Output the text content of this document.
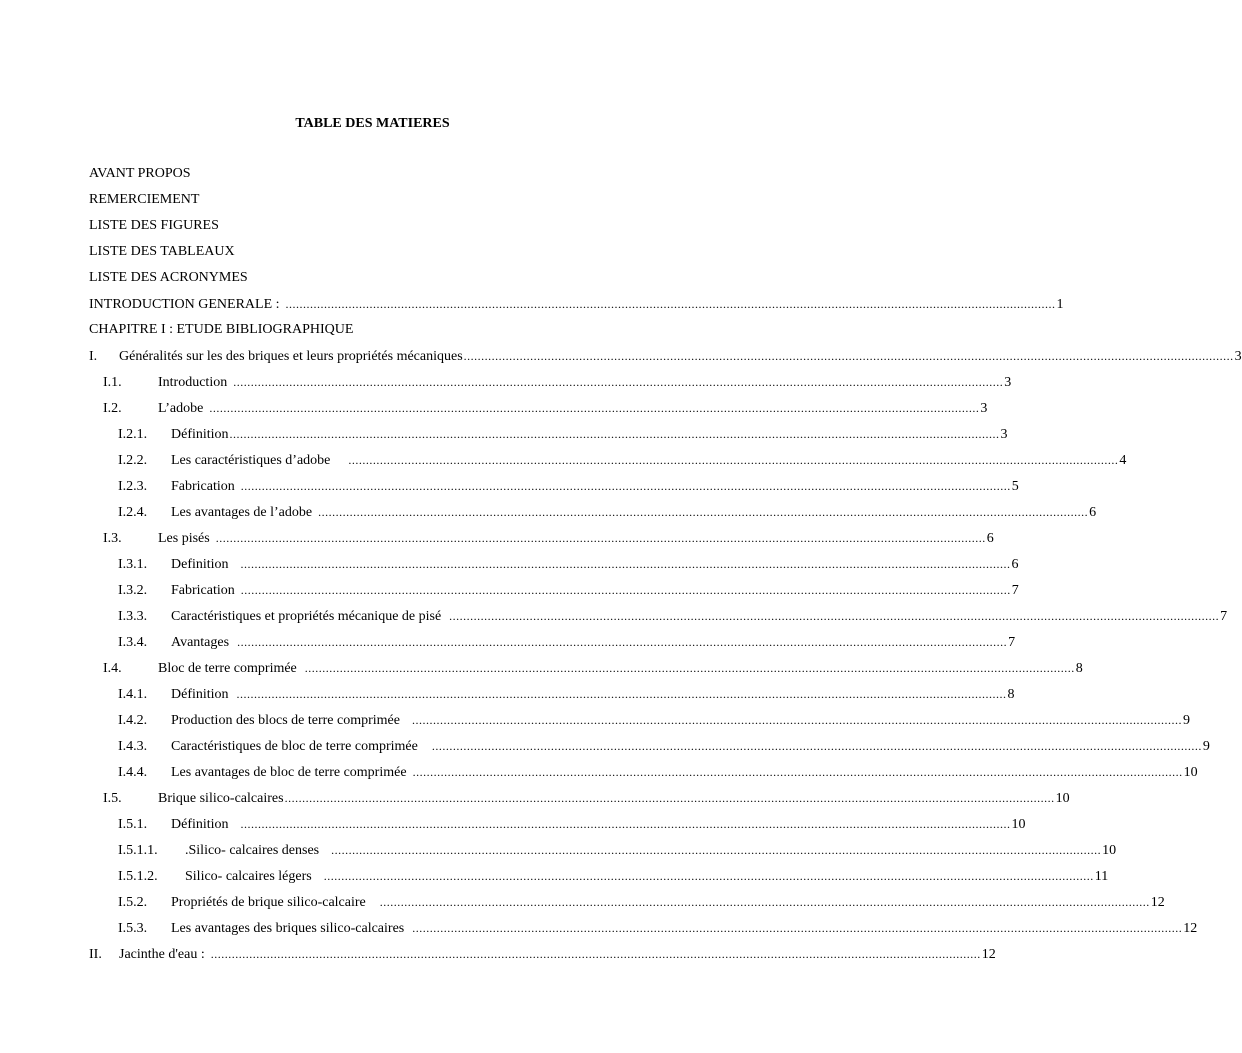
TABLE DES MATIERES
AVANT PROPOS
REMERCIEMENT
LISTE DES FIGURES
LISTE DES TABLEAUX
LISTE DES ACRONYMES
INTRODUCTION GENERALE : ............................................................................................................................................................................................................................ 1
CHAPITRE I : ETUDE BIBLIOGRAPHIQUE
I.	Généralités sur les des briques et leurs propriétés mécaniques ............................................................................................................................................................................................................................ 3
I.1.	Introduction ............................................................................................................................................................................................................................ 3
I.2.	L’adobe ............................................................................................................................................................................................................................ 3
I.2.1.	Définition ............................................................................................................................................................................................................................ 3
I.2.2.	Les caractéristiques d’adobe ............................................................................................................................................................................................................................ 4
I.2.3.	Fabrication ............................................................................................................................................................................................................................ 5
I.2.4.	Les avantages de l’adobe ............................................................................................................................................................................................................................ 6
I.3.	Les pisés ............................................................................................................................................................................................................................ 6
I.3.1.	Definition ............................................................................................................................................................................................................................ 6
I.3.2.	Fabrication ............................................................................................................................................................................................................................ 7
I.3.3.	Caractéristiques et propriétés mécanique de pisé ............................................................................................................................................................................................................................ 7
I.3.4.	Avantages ............................................................................................................................................................................................................................ 7
I.4.	Bloc de terre comprimée ............................................................................................................................................................................................................................ 8
I.4.1.	Définition ............................................................................................................................................................................................................................ 8
I.4.2.	Production des blocs de terre comprimée ............................................................................................................................................................................................................................ 9
I.4.3.	Caractéristiques de bloc de terre comprimée ............................................................................................................................................................................................................................ 9
I.4.4.	Les avantages de bloc de terre comprimée ............................................................................................................................................................................................................................ 10
I.5.	Brique silico-calcaires ............................................................................................................................................................................................................................ 10
I.5.1.	Définition ............................................................................................................................................................................................................................ 10
I.5.1.1.	.Silico- calcaires denses ............................................................................................................................................................................................................................ 10
I.5.1.2.	Silico- calcaires légers ............................................................................................................................................................................................................................ 11
I.5.2.	Propriétés de brique silico-calcaire ............................................................................................................................................................................................................................ 12
I.5.3.	Les avantages des briques silico-calcaires ............................................................................................................................................................................................................................ 12
II.	Jacinthe d'eau : ............................................................................................................................................................................................................................ 12
